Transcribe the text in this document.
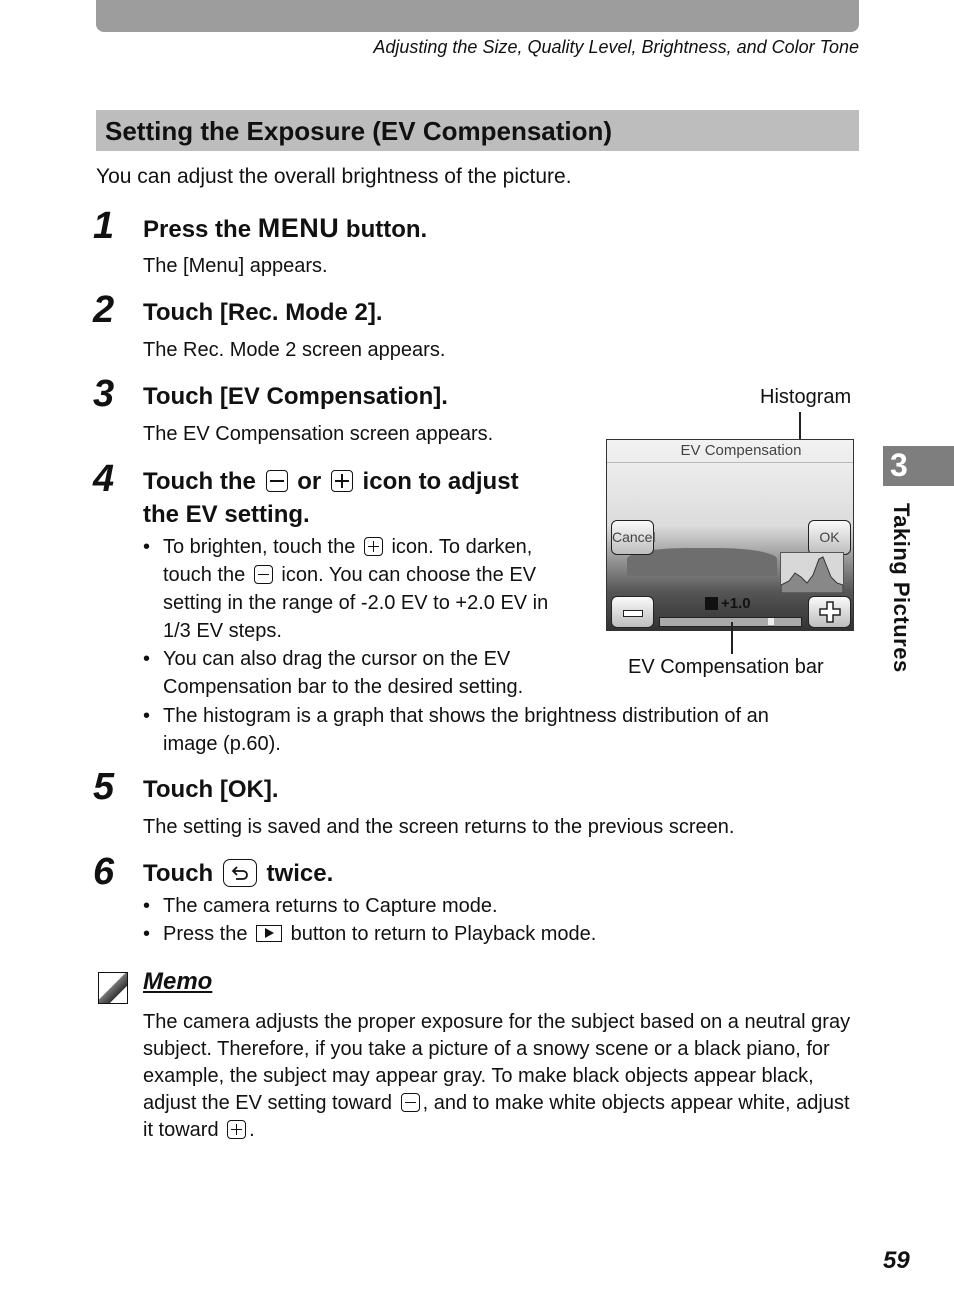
Adjusting the Size, Quality Level, Brightness, and Color Tone
Setting the Exposure (EV Compensation)
You can adjust the overall brightness of the picture.
1 Press the MENU button.
The [Menu] appears.
2 Touch [Rec. Mode 2].
The Rec. Mode 2 screen appears.
3 Touch [EV Compensation].
The EV Compensation screen appears.
4 Touch the
or
icon to adjust
the EV setting.
• To brighten, touch the
icon. To darken,
touch the
icon. You can choose the EV
setting in the range of -2.0 EV to +2.0 EV in
1/3 EV steps.
• You can also drag the cursor on the EV
Compensation bar to the desired setting.
• The histogram is a graph that shows the brightness distribution of an
image (p.60).
Histogram
EV Compensation
Cancel	OK
+1.0
EV Compensation bar
5 Touch [OK].
The setting is saved and the screen returns to the previous screen.
6 Touch
twice.
• The camera returns to Capture mode.
• Press the  button to return to Playback mode.
3
Taking Pictures
Memo
The camera adjusts the proper exposure for the subject based on a neutral gray subject. Therefore, if you take a picture of a snowy scene or a black piano, for example, the subject may appear gray. To make black objects appear black, adjust the EV setting toward
, and to make white objects appear white, adjust it toward
.
59
